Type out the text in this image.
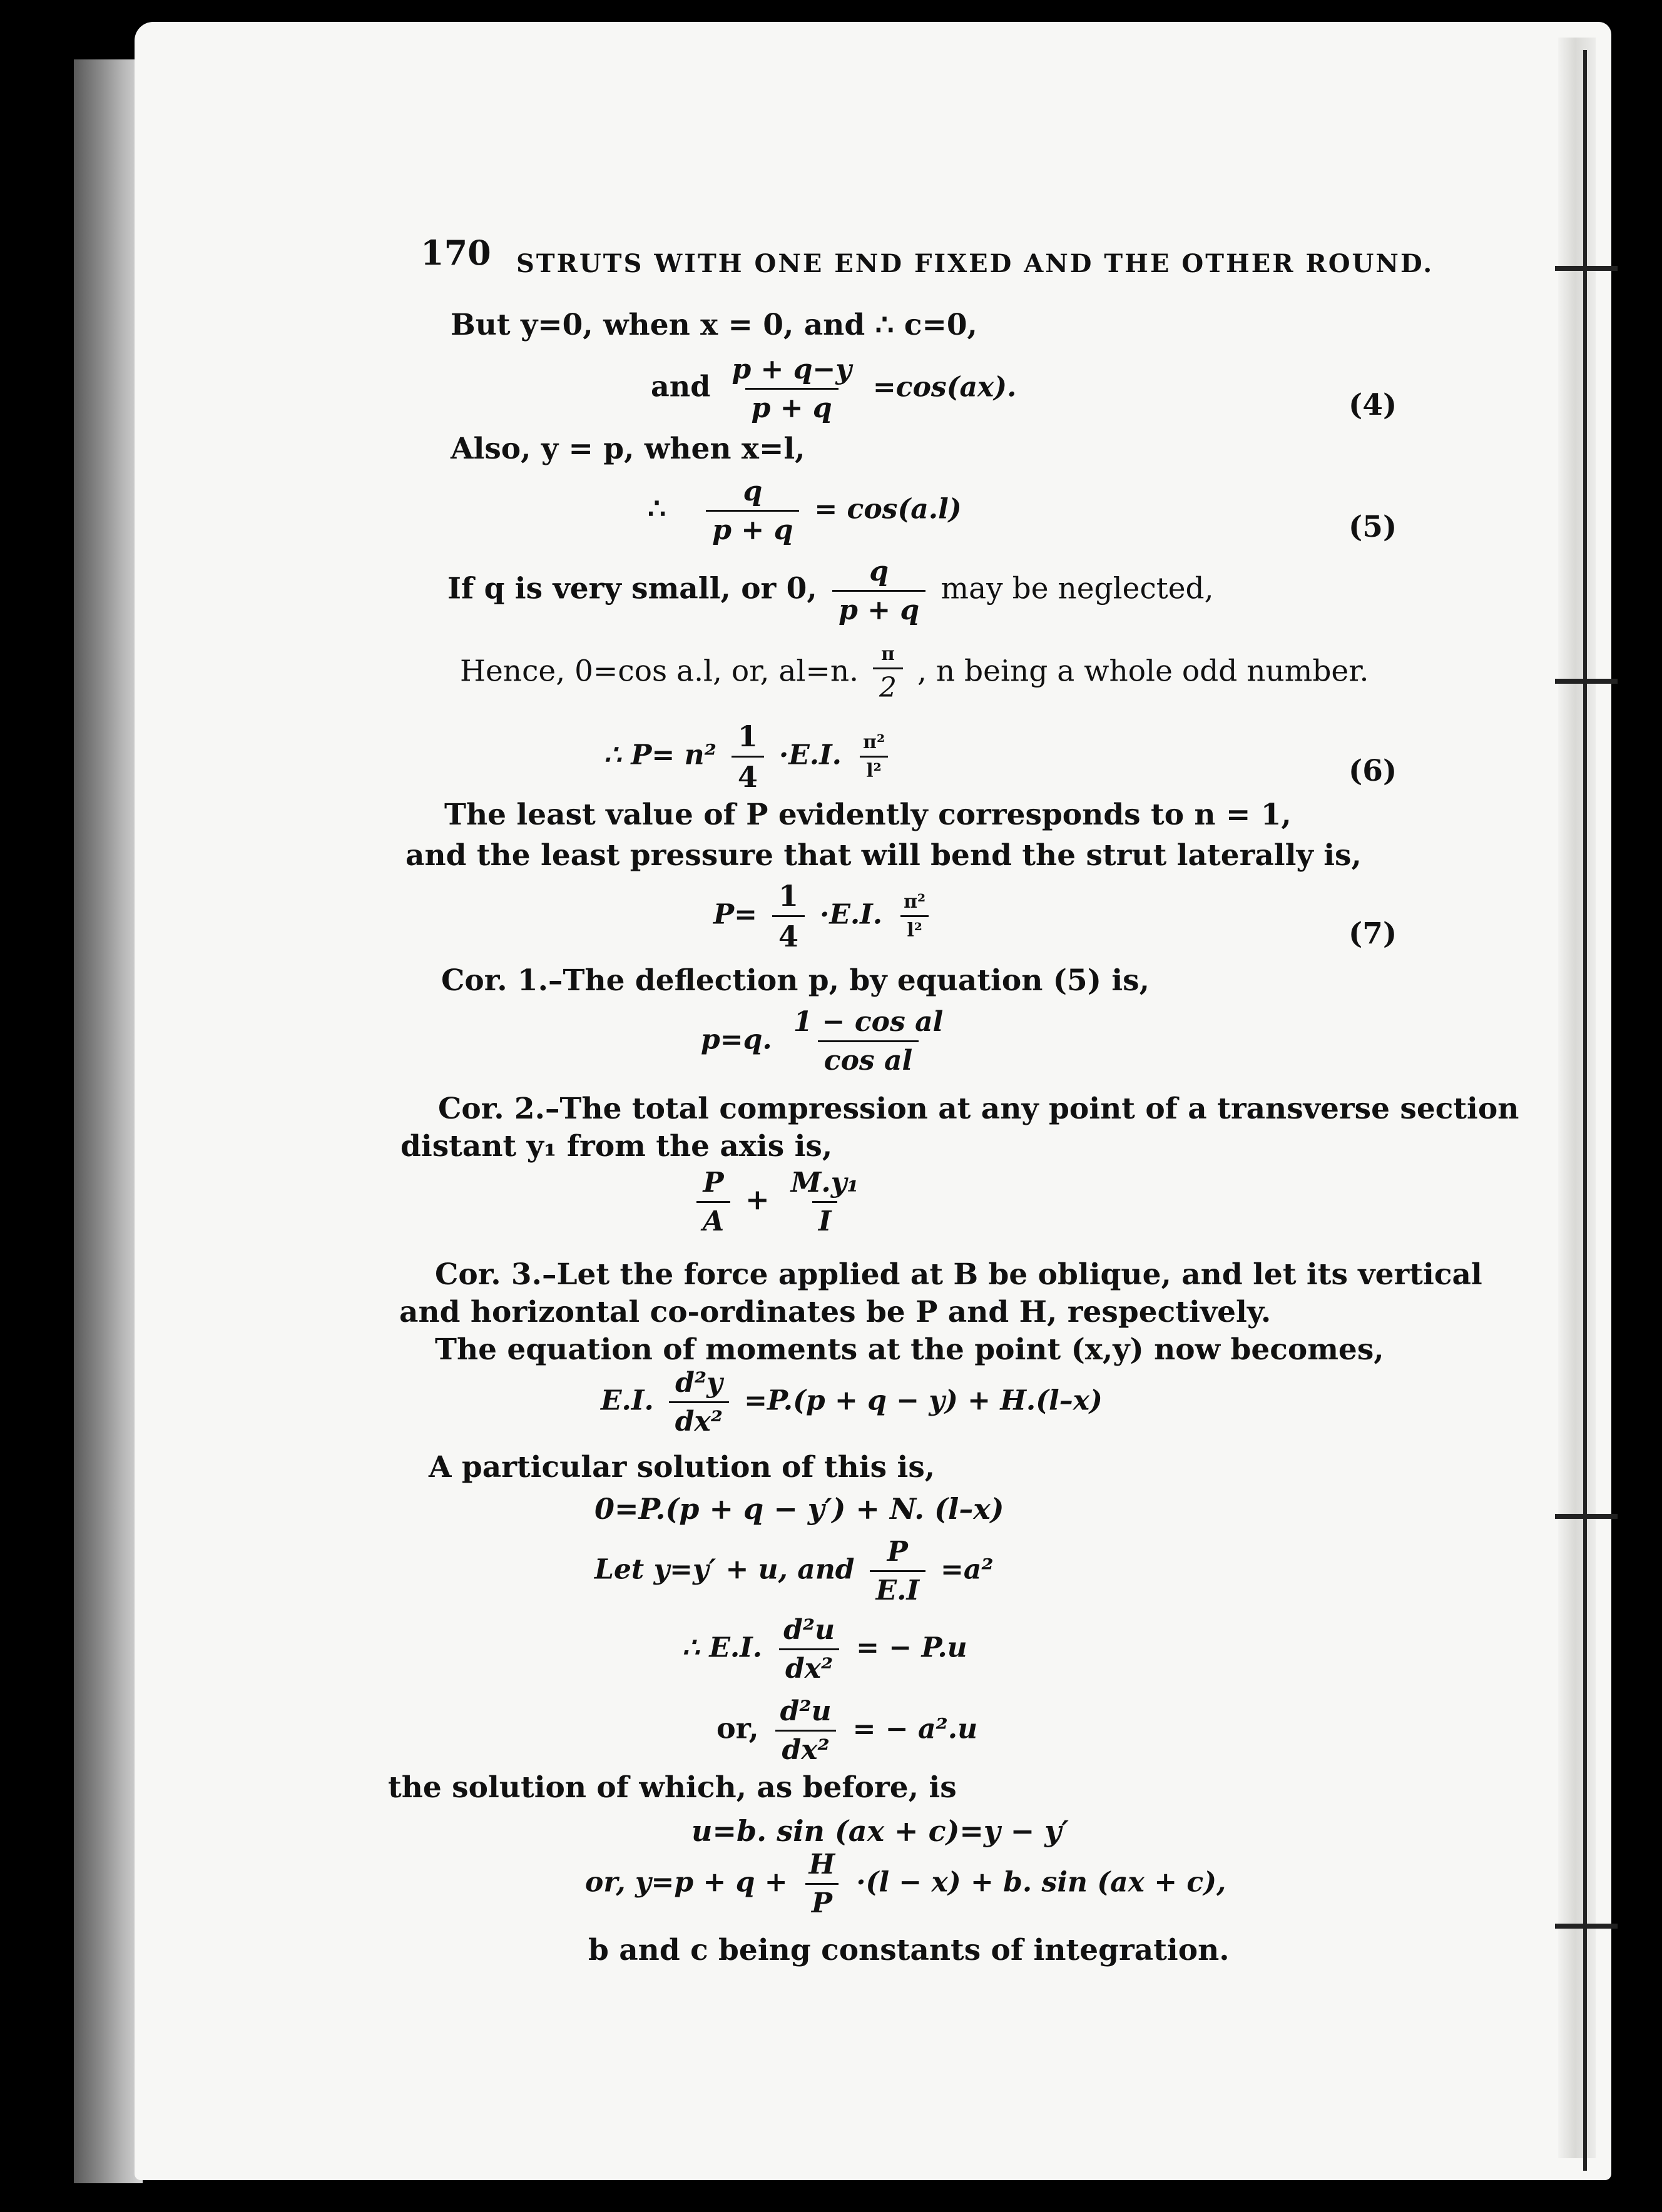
170 STRUTS WITH ONE END FIXED AND THE OTHER ROUND.
But y=0, when x = 0, and ∴ c=0,
and $\frac{p + q-y}{p + q} =\cos(ax)$.
(4)
Also, y = p, when x=l,
∴ $\frac{q}{p + q} = \cos(a.l)$
(5)
If q is very small, or 0, $\frac{q}{p + q}$ may be neglected,
Hence, 0=cos a.l, or, al=n. $\frac{\pi}{2}$ , n being a whole odd number.
∴ $P= n^2 \frac{1}{4} \cdot E.I$. $\frac{\text{π²}}{\text{l²}}$	(6)
The least value of P evidently corresponds to n = 1,
and the least pressure that will bend the strut laterally is,
$P= \frac{1}{4} \cdot E.I$. $\frac{\text{π²}}{\text{l²}}$	(7)
Cor. 1.–The deflection p, by equation (5) is,
p=q. $\frac{\text{1 − cos al}}{\text{cos al}}$
Cor. 2.–The total compression at any point of a transverse section
distant y₁ from the axis is,
$\frac{P}{A} + \frac{\text{M.y₁}}{I}$
Cor. 3.–Let the force applied at B be oblique, and let its vertical
and horizontal co-ordinates be P and H, respectively.
The equation of moments at the point (x,y) now becomes,
E.I. $\frac{\text{d²y}}{\text{dx²}} =P.(p + q - y) + H.(l-x)$
A particular solution of this is,
0=P.(p + q − y′) + N. (l–x)
Let y=y′ + u, and $\frac{P}{E.I} =a^2$
∴ E.I. $\frac{\text{d²u}}{\text{dx²}}$ = − P.u
or, $\frac{\text{d²u}}{\text{dx²}}$ = − a².u
the solution of which, as before, is
u=b. sin (ax + c)=y − y′
or, $y=p + q + \frac{H}{P} \cdot(l - x) + b$. sin (ax + c),
b and c being constants of integration.
